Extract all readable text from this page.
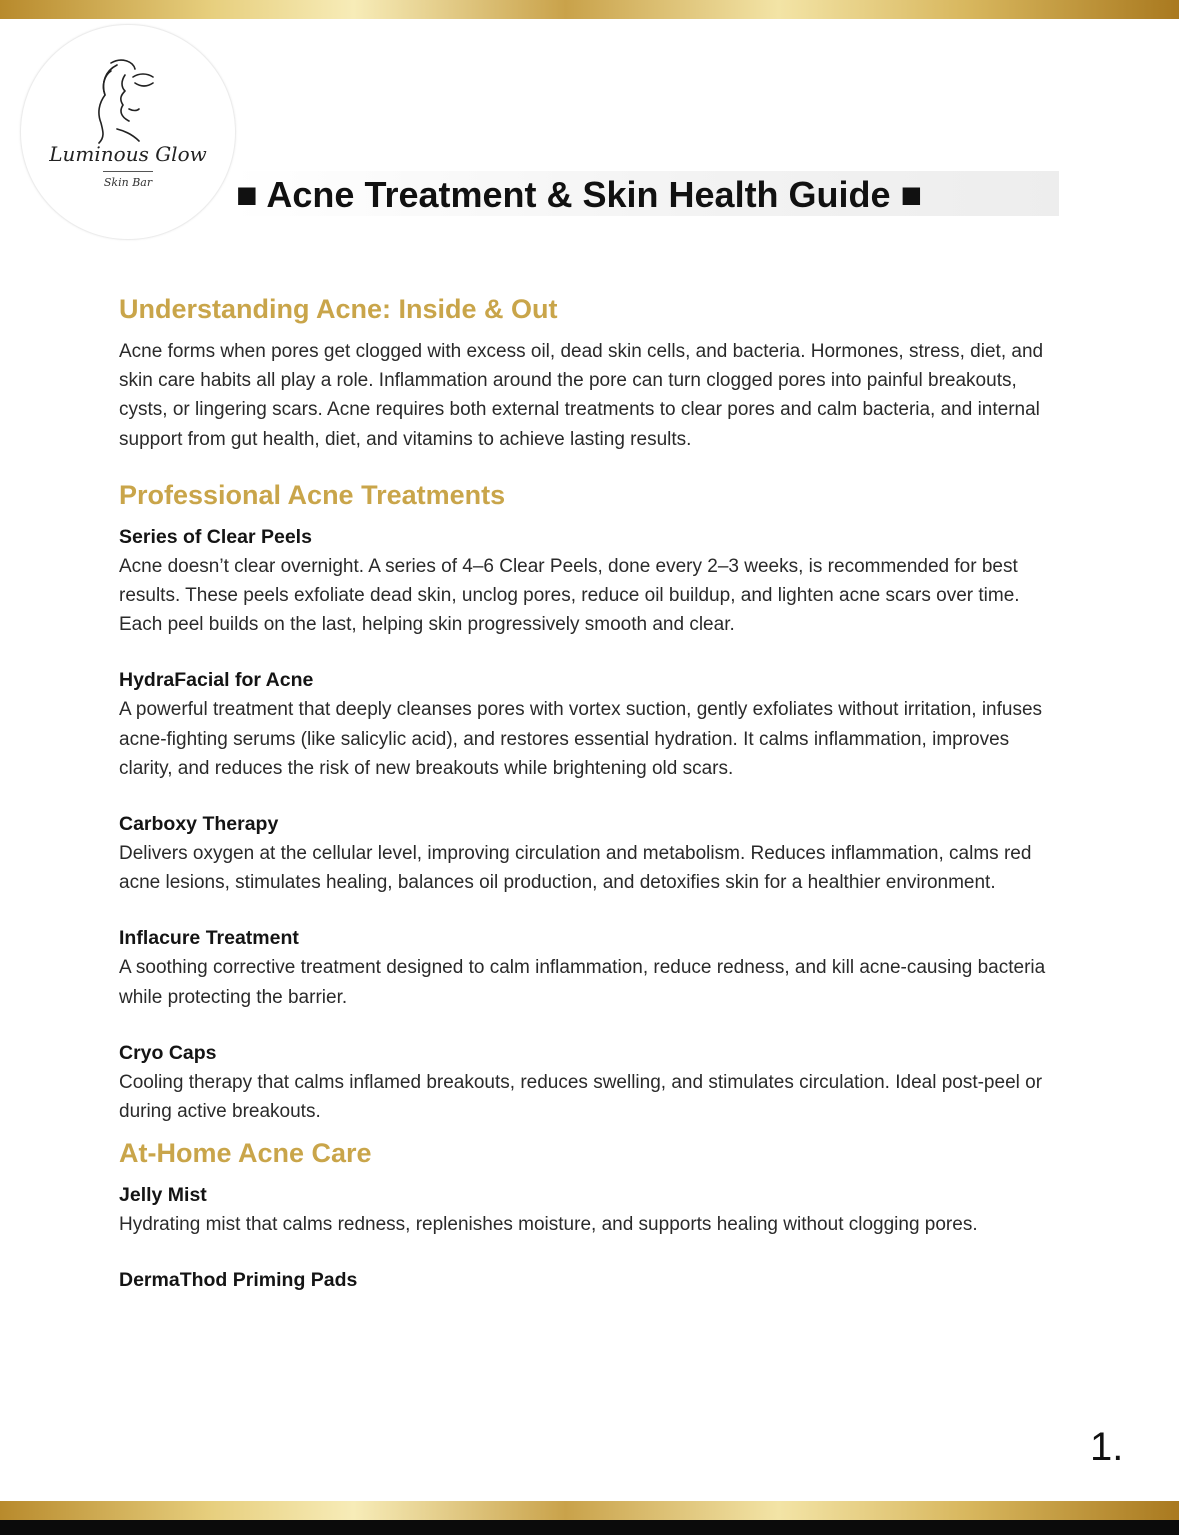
Luminous Glow
Skin Bar	■ Acne Treatment & Skin Health Guide ■
Understanding Acne: Inside & Out

Acne forms when pores get clogged with excess oil, dead skin cells, and bacteria. Hormones, stress, diet, and skin care habits all play a role. Inflammation around the pore can turn clogged pores into painful breakouts, cysts, or lingering scars. Acne requires both external treatments to clear pores and calm bacteria, and internal support from gut health, diet, and vitamins to achieve lasting results.

Professional Acne Treatments

Series of Clear Peels

Acne doesn’t clear overnight. A series of 4–6 Clear Peels, done every 2–3 weeks, is recommended for best results. These peels exfoliate dead skin, unclog pores, reduce oil buildup, and lighten acne scars over time. Each peel builds on the last, helping skin progressively smooth and clear.

HydraFacial for Acne

A powerful treatment that deeply cleanses pores with vortex suction, gently exfoliates without irritation, infuses acne-fighting serums (like salicylic acid), and restores essential hydration. It calms inflammation, improves clarity, and reduces the risk of new breakouts while brightening old scars.

Carboxy Therapy

Delivers oxygen at the cellular level, improving circulation and metabolism. Reduces inflammation, calms red acne lesions, stimulates healing, balances oil production, and detoxifies skin for a healthier environment.

Inflacure Treatment

A soothing corrective treatment designed to calm inflammation, reduce redness, and kill acne-causing bacteria while protecting the barrier.

Cryo Caps

Cooling therapy that calms inflamed breakouts, reduces swelling, and stimulates circulation. Ideal post-peel or during active breakouts.

At-Home Acne Care

Jelly Mist

Hydrating mist that calms redness, replenishes moisture, and supports healing without clogging pores.

DermaThod Priming Pads

1.
